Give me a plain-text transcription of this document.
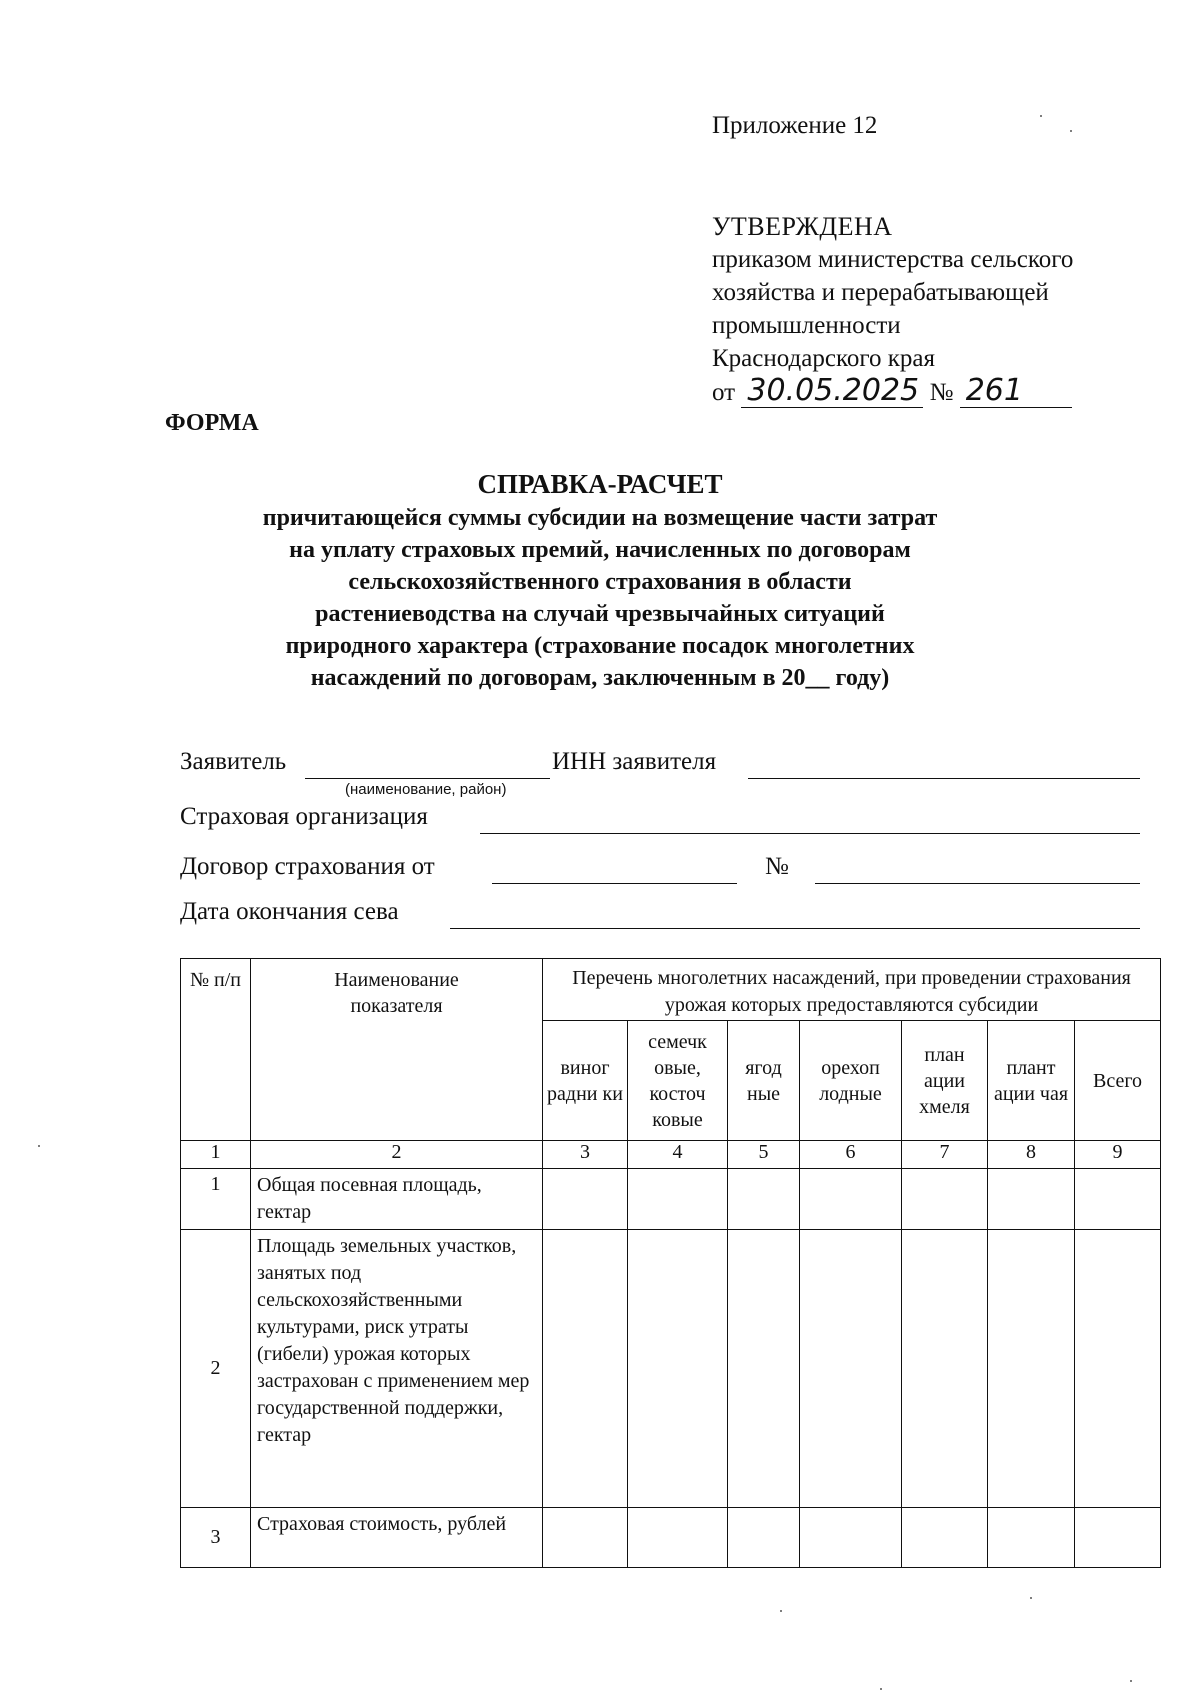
Приложение 12
УТВЕРЖДЕНА
приказом министерства сельского
хозяйства и перерабатывающей
промышленности
Краснодарского края
от 30.05.2025 № 261
ФОРМА
СПРАВКА-РАСЧЕТ
причитающейся суммы субсидии на возмещение части затрат
на уплату страховых премий, начисленных по договорам
сельскохозяйственного страхования в области
растениеводства на случай чрезвычайных ситуаций
природного характера (страхование посадок многолетних
насаждений по договорам, заключенным в 20__ году)
Заявитель	ИНН заявителя
(наименование, район)
Страховая организация
Договор страхования от	№
Дата окончания сева
№ п/п	Наименование показателя	Перечень многолетних насаждений, при проведении страхования урожая которых предоставляются субсидии						
		виног радни ки	семечк овые, косточ ковые	ягод ные	орехоп лодные	план ации хмеля	плант ации чая	Всего
1	2	3	4	5	6	7	8	9
1	Общая посевная площадь, гектар							
2	Площадь земельных участков, занятых под сельскохозяйственными культурами, риск утраты (гибели) урожая которых застрахован с применением мер государственной поддержки, гектар							
3	Страховая стоимость, рублей							
